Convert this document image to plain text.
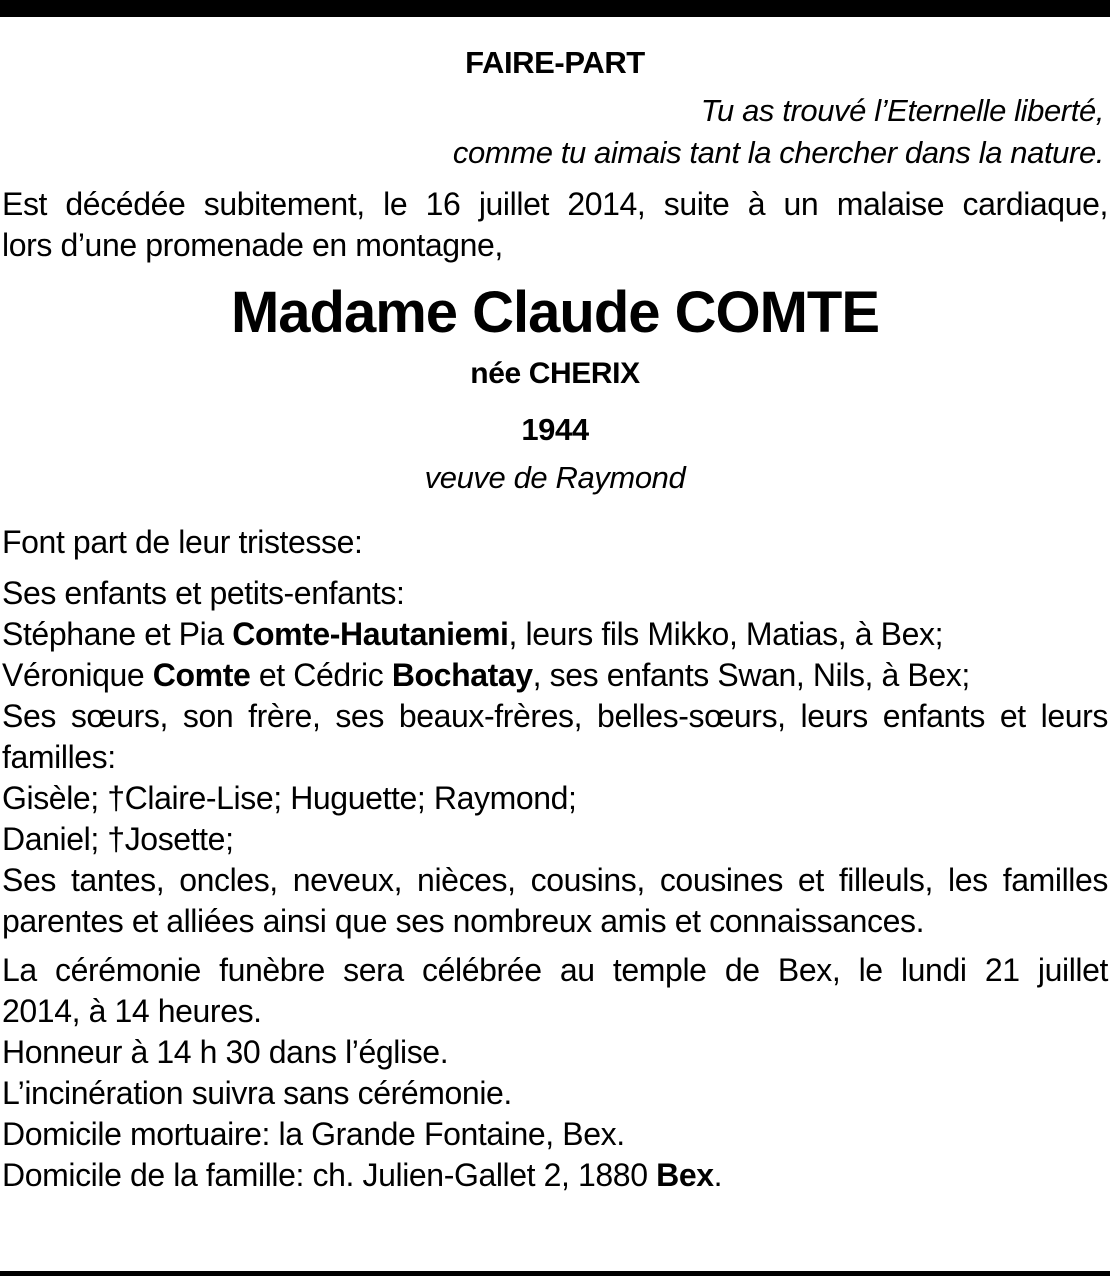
FAIRE-PART
Tu as trouvé l’Eternelle liberté,
comme tu aimais tant la chercher dans la nature.
Est décédée subitement, le 16 juillet 2014, suite à un malaise cardiaque,
lors d’une promenade en montagne,
Madame Claude COMTE
née CHERIX
1944
veuve de Raymond
Font part de leur tristesse:
Ses enfants et petits-enfants:
Stéphane et Pia Comte-Hautaniemi, leurs fils Mikko, Matias, à Bex;
Véronique Comte et Cédric Bochatay, ses enfants Swan, Nils, à Bex;
Ses sœurs, son frère, ses beaux-frères, belles-sœurs, leurs enfants et leurs
familles:
Gisèle; †Claire-Lise; Huguette; Raymond;
Daniel; †Josette;
Ses tantes, oncles, neveux, nièces, cousins, cousines et filleuls, les familles
parentes et alliées ainsi que ses nombreux amis et connaissances.
La cérémonie funèbre sera célébrée au temple de Bex, le lundi 21 juillet
2014, à 14 heures.
Honneur à 14 h 30 dans l’église.
L’incinération suivra sans cérémonie.
Domicile mortuaire: la Grande Fontaine, Bex.
Domicile de la famille: ch. Julien-Gallet 2, 1880 Bex.
